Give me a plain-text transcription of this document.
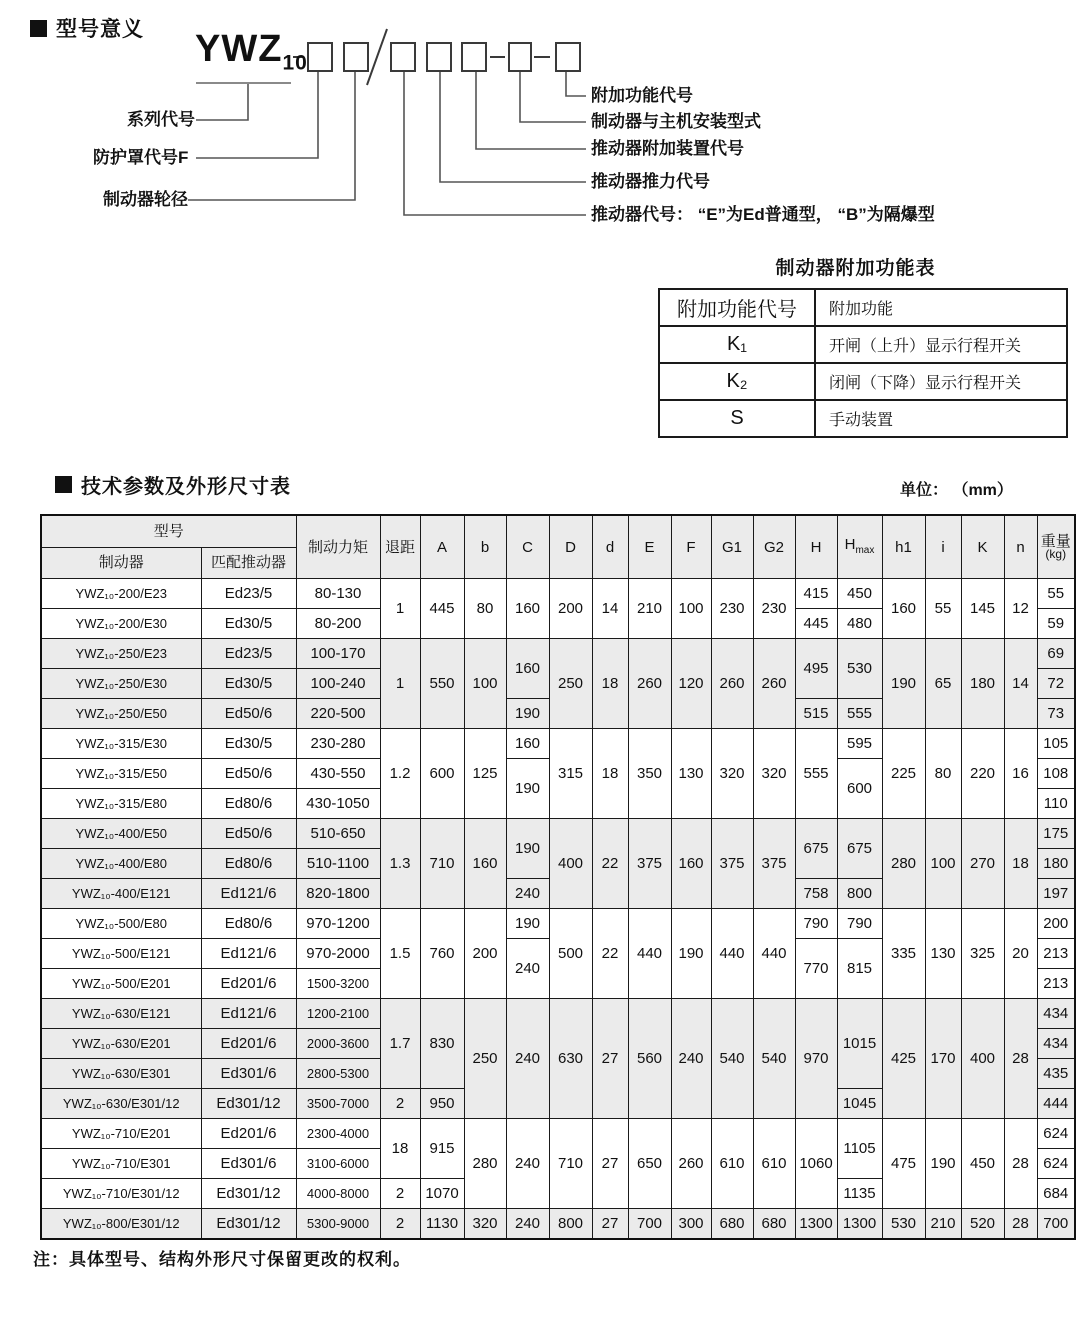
型号意义 $YWZ_{10}$
系列代号
防护罩代号F
制动器轮径
附加功能代号
制动器与主机安装型式
推动器附加装置代号
推动器推力代号
推动器代号： “E”为Ed普通型， “B”为隔爆型
制动器附加功能表
附加功能代号	附加功能
K₁	开闸（上升）显示行程开关
K₂	闭闸（下降）显示行程开关
S	手动装置
技术参数及外形尺寸表	单位： （mm）
型号		制动力矩	退距	A	b	C	D	d	E	F	G1	G2	H	$H_{max}$	h1	i	K	n	重量
(kg)

制动器	匹配推动器																		
YWZ₁₀-200/E23	Ed23/5	80-130	1	445	80	160	200	14	210	100	230	230	415	450	160	55	145	12	55
YWZ₁₀-200/E30	Ed30/5	80-200											445	480					59
YWZ₁₀-250/E23	Ed23/5	100-170	1	550	100	160	250	18	260	120	260	260	495	530	190	65	180	14	69
YWZ₁₀-250/E30	Ed30/5	100-240																	72
YWZ₁₀-250/E50	Ed50/6	220-500				190							515	555					73
YWZ₁₀-315/E30	Ed30/5	230-280	1.2	600	125	160	315	18	350	130	320	320	555	595	225	80	220	16	105
YWZ₁₀-315/E50	Ed50/6	430-550				190								600					108
YWZ₁₀-315/E80	Ed80/6	430-1050																	110
YWZ₁₀-400/E50	Ed50/6	510-650	1.3	710	160	190	400	22	375	160	375	375	675	675	280	100	270	18	175
YWZ₁₀-400/E80	Ed80/6	510-1100																	180
YWZ₁₀-400/E121	Ed121/6	820-1800				240							758	800					197
YWZ₁₀-500/E80	Ed80/6	970-1200	1.5	760	200	190	500	22	440	190	440	440	790	790	335	130	325	20	200
YWZ₁₀-500/E121	Ed121/6	970-2000				240							770	815					213
YWZ₁₀-500/E201	Ed201/6	1500-3200																	213
YWZ₁₀-630/E121	Ed121/6	1200-2100	1.7	830	250	240	630	27	560	240	540	540	970	1015	425	170	400	28	434
YWZ₁₀-630/E201	Ed201/6	2000-3600																	434
YWZ₁₀-630/E301	Ed301/6	2800-5300																	435
YWZ₁₀-630/E301/12	Ed301/12	3500-7000	2	950										1045					444
YWZ₁₀-710/E201	Ed201/6	2300-4000	18	915	280	240	710	27	650	260	610	610	1060	1105	475	190	450	28	624
YWZ₁₀-710/E301	Ed301/6	3100-6000																	624
YWZ₁₀-710/E301/12	Ed301/12	4000-8000	2	1070										1135					684
YWZ₁₀-800/E301/12	Ed301/12	5300-9000	2	1130	320	240	800	27	700	300	680	680	1300	1300	530	210	520	28	700
注：具体型号、结构外形尺寸保留更改的权利。
